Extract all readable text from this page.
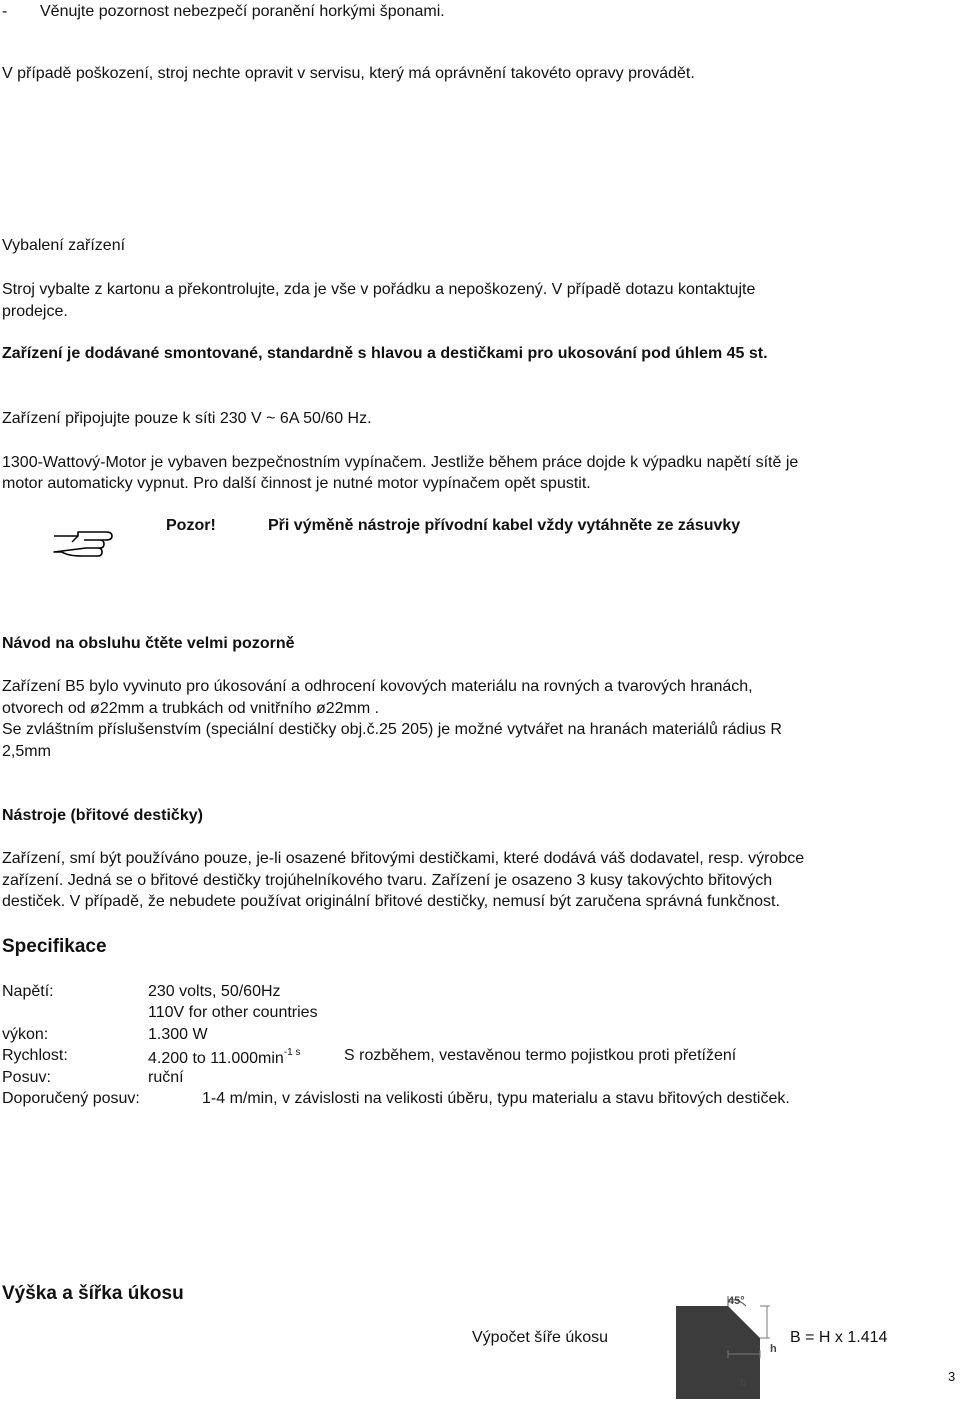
- Věnujte pozornost nebezpečí poranění horkými šponami.
V případě poškození, stroj nechte opravit v servisu, který má oprávnění takovéto opravy provádět.
Vybalení zařízení
Stroj vybalte z kartonu a překontrolujte, zda je vše v pořádku a nepoškozený. V případě dotazu kontaktujte
prodejce.
Zařízení je dodávané smontované, standardně s hlavou a destičkami pro ukosování pod úhlem 45 st.
Zařízení připojujte pouze k síti 230 V ~ 6A 50/60 Hz.
1300-Wattový-Motor je vybaven bezpečnostním vypínačem. Jestliže během práce dojde k výpadku napětí sítě je
motor automaticky vypnut. Pro další činnost je nutné motor vypínačem opět spustit.
Pozor!	Při výměně nástroje přívodní kabel vždy vytáhněte ze zásuvky
Návod na obsluhu čtěte velmi pozorně
Zařízení B5 bylo vyvinuto pro úkosování a odhrocení kovových materiálu na rovných a tvarových hranách,
otvorech od ø22mm a trubkách od vnitřního ø22mm .
Se zvláštním příslušenstvím (speciální destičky obj.č.25 205) je možné vytvářet na hranách materiálů rádius R
2,5mm
Nástroje (břitové destičky)
Zařízení, smí být používáno pouze, je-li osazené břitovými destičkami, které dodává váš dodavatel, resp. výrobce
zařízení. Jedná se o břitové destičky trojúhelníkového tvaru. Zařízení je osazeno 3 kusy takovýchto břitových
destiček. V případě, že nebudete používat originální břitové destičky, nemusí být zaručena správná funkčnost.
Specifikace
Napětí:	230 volts, 50/60Hz
110V for other countries
výkon:	1.300 W
Rychlost:	4.200 to $11.000\min^{-1 s}$	S rozběhem, vestavěnou termo pojistkou proti přetížení
Posuv:	ruční
Doporučený posuv:	1-4 m/min, v závislosti na velikosti úběru, typu materialu a stavu břitových destiček.
Výška a šířka úkosu
Výpočet šíře úkosu	B = H x 1.414
45°
h
b	3
